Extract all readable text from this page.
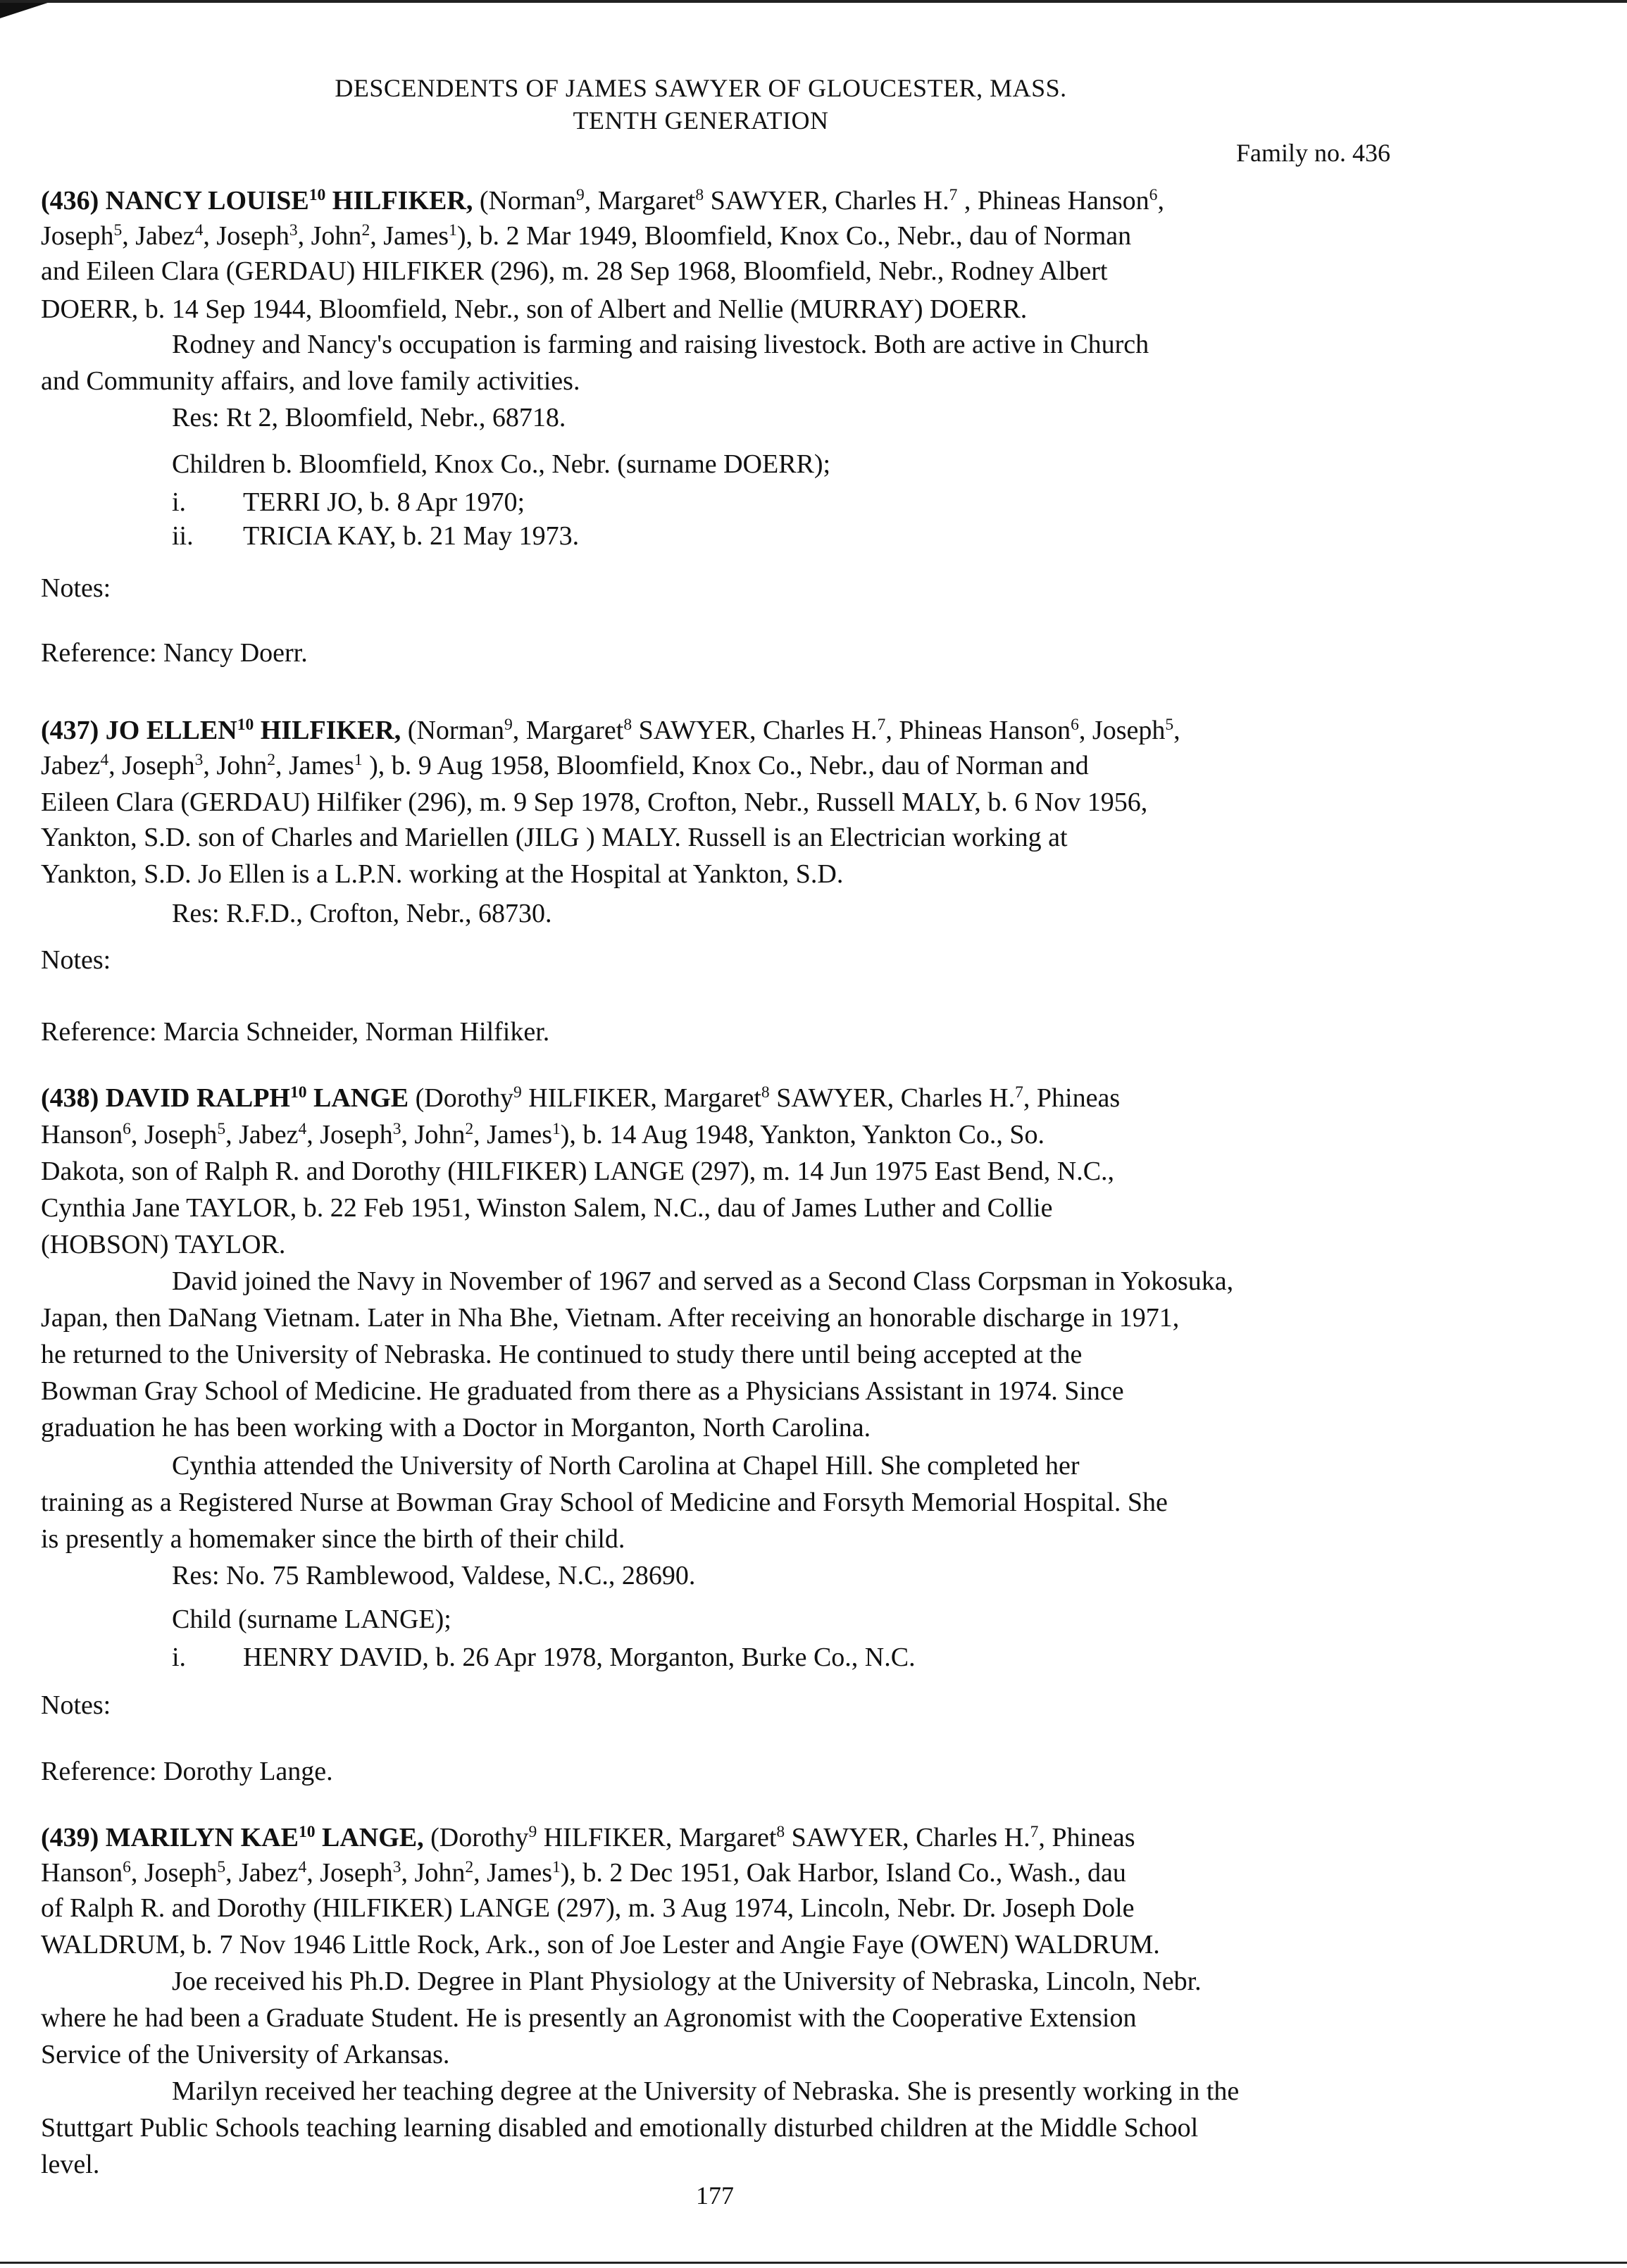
DESCENDENTS OF JAMES SAWYER OF GLOUCESTER, MASS.
TENTH GENERATION
Family no. 436
(436) NANCY LOUISE$^{10}$ HILFIKER, (Norman$^9$, Margaret$^8$ SAWYER, Charles H.$^7$ , Phineas Hanson$^6$,
Joseph$^5$, Jabez$^4$, Joseph$^3$, John$^2$, James$^1$), b. 2 Mar 1949, Bloomfield, Knox Co., Nebr., dau of Norman
and Eileen Clara (GERDAU) HILFIKER (296), m. 28 Sep 1968, Bloomfield, Nebr., Rodney Albert
DOERR, b. 14 Sep 1944, Bloomfield, Nebr., son of Albert and Nellie (MURRAY) DOERR.
Rodney and Nancy's occupation is farming and raising livestock. Both are active in Church
and Community affairs, and love family activities.
Res: Rt 2, Bloomfield, Nebr., 68718.
Children b. Bloomfield, Knox Co., Nebr. (surname DOERR);
i. TERRI JO, b. 8 Apr 1970;
ii. TRICIA KAY, b. 21 May 1973.
Notes:
Reference: Nancy Doerr.
(437) JO ELLEN$^{10}$ HILFIKER, (Norman$^9$, Margaret$^8$ SAWYER, Charles H.$^7$, Phineas Hanson$^6$, Joseph$^5$,
Jabez$^4$, Joseph$^3$, John$^2$, James$^1$ ), b. 9 Aug 1958, Bloomfield, Knox Co., Nebr., dau of Norman and
Eileen Clara (GERDAU) Hilfiker (296), m. 9 Sep 1978, Crofton, Nebr., Russell MALY, b. 6 Nov 1956,
Yankton, S.D. son of Charles and Mariellen (JILG ) MALY. Russell is an Electrician working at
Yankton, S.D. Jo Ellen is a L.P.N. working at the Hospital at Yankton, S.D.
Res: R.F.D., Crofton, Nebr., 68730.
Notes:
Reference: Marcia Schneider, Norman Hilfiker.
(438) DAVID RALPH$^{10}$ LANGE (Dorothy$^9$ HILFIKER, Margaret$^8$ SAWYER, Charles H.$^7$, Phineas
Hanson$^6$, Joseph$^5$, Jabez$^4$, Joseph$^3$, John$^2$, James$^1$), b. 14 Aug 1948, Yankton, Yankton Co., So.
Dakota, son of Ralph R. and Dorothy (HILFIKER) LANGE (297), m. 14 Jun 1975 East Bend, N.C.,
Cynthia Jane TAYLOR, b. 22 Feb 1951, Winston Salem, N.C., dau of James Luther and Collie
(HOBSON) TAYLOR.
David joined the Navy in November of 1967 and served as a Second Class Corpsman in Yokosuka,
Japan, then DaNang Vietnam. Later in Nha Bhe, Vietnam. After receiving an honorable discharge in 1971,
he returned to the University of Nebraska. He continued to study there until being accepted at the
Bowman Gray School of Medicine. He graduated from there as a Physicians Assistant in 1974. Since
graduation he has been working with a Doctor in Morganton, North Carolina.
Cynthia attended the University of North Carolina at Chapel Hill. She completed her
training as a Registered Nurse at Bowman Gray School of Medicine and Forsyth Memorial Hospital. She
is presently a homemaker since the birth of their child.
Res: No. 75 Ramblewood, Valdese, N.C., 28690.
Child (surname LANGE);
i. HENRY DAVID, b. 26 Apr 1978, Morganton, Burke Co., N.C.
Notes:
Reference: Dorothy Lange.
(439) MARILYN KAE$^{10}$ LANGE, (Dorothy$^9$ HILFIKER, Margaret$^8$ SAWYER, Charles H.$^7$, Phineas
Hanson$^6$, Joseph$^5$, Jabez$^4$, Joseph$^3$, John$^2$, James$^1$), b. 2 Dec 1951, Oak Harbor, Island Co., Wash., dau
of Ralph R. and Dorothy (HILFIKER) LANGE (297), m. 3 Aug 1974, Lincoln, Nebr. Dr. Joseph Dole
WALDRUM, b. 7 Nov 1946 Little Rock, Ark., son of Joe Lester and Angie Faye (OWEN) WALDRUM.
Joe received his Ph.D. Degree in Plant Physiology at the University of Nebraska, Lincoln, Nebr.
where he had been a Graduate Student. He is presently an Agronomist with the Cooperative Extension
Service of the University of Arkansas.
Marilyn received her teaching degree at the University of Nebraska. She is presently working in the
Stuttgart Public Schools teaching learning disabled and emotionally disturbed children at the Middle School
level.
177
